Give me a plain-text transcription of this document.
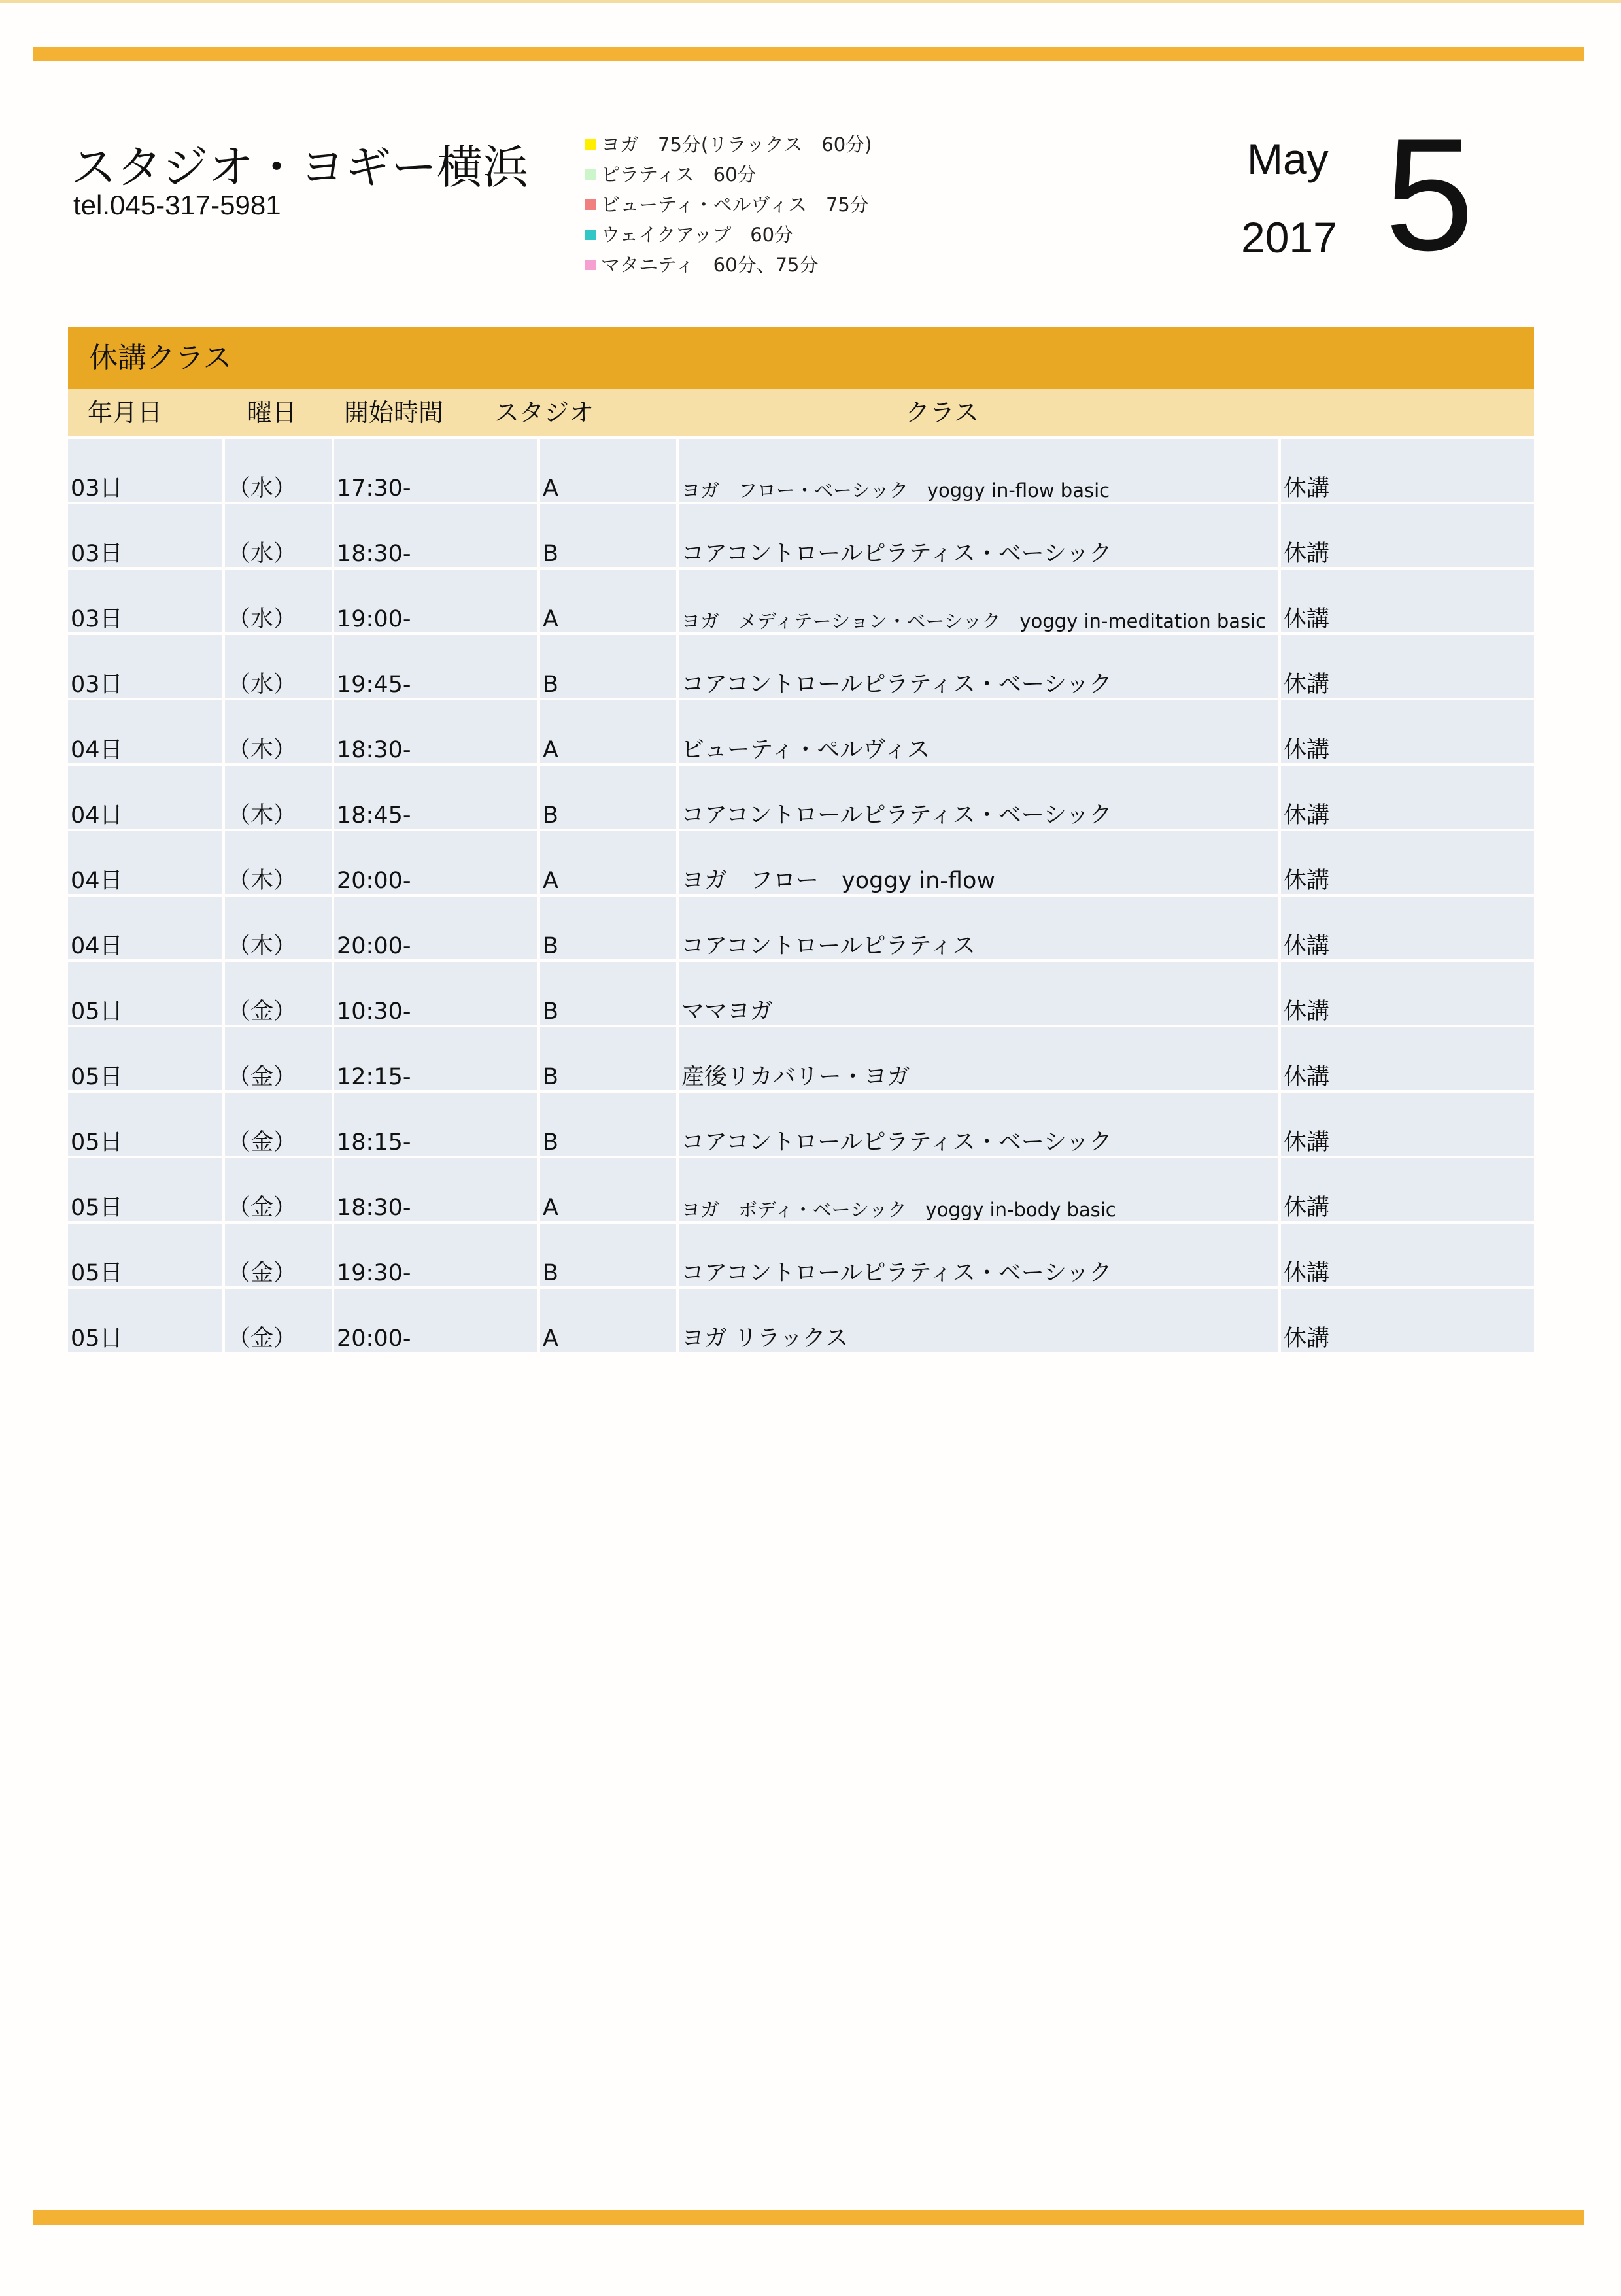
スタジオ・ヨギー横浜
tel.045-317-5981
ヨガ　75分(リラックス　60分)
ピラティス　60分
ビューティ・ペルヴィス　75分
ウェイクアップ　60分
マタニティ　60分、75分
May
2017 5
休講クラス
年月日	曜日 開始時間 スタジオ	クラス
03日	（水） 17:30-	A	ヨガ　フロー・ベーシック　yoggy in-flow basic	休講
03日	（水） 18:30-	B	コアコントロールピラティス・ベーシック	休講
03日	（水） 19:00-	A	ヨガ　メディテーション・ベーシック　yoggy in-meditation basic 休講
03日	（水） 19:45-	B	コアコントロールピラティス・ベーシック	休講
04日	（木） 18:30-	A	ビューティ・ペルヴィス	休講
04日	（木） 18:45-	B	コアコントロールピラティス・ベーシック	休講
04日	（木） 20:00-	A	ヨガ　フロー　yoggy in-flow	休講
04日	（木） 20:00-	B	コアコントロールピラティス	休講
05日	（金） 10:30-	B	ママヨガ	休講
05日	（金） 12:15-	B	産後リカバリー・ヨガ	休講
05日	（金） 18:15-	B	コアコントロールピラティス・ベーシック	休講
05日	（金） 18:30-	A	ヨガ　ボディ・ベーシック　yoggy in-body basic	休講
05日	（金） 19:30-	B	コアコントロールピラティス・ベーシック	休講
05日	（金） 20:00-	A	ヨガ リラックス	休講
